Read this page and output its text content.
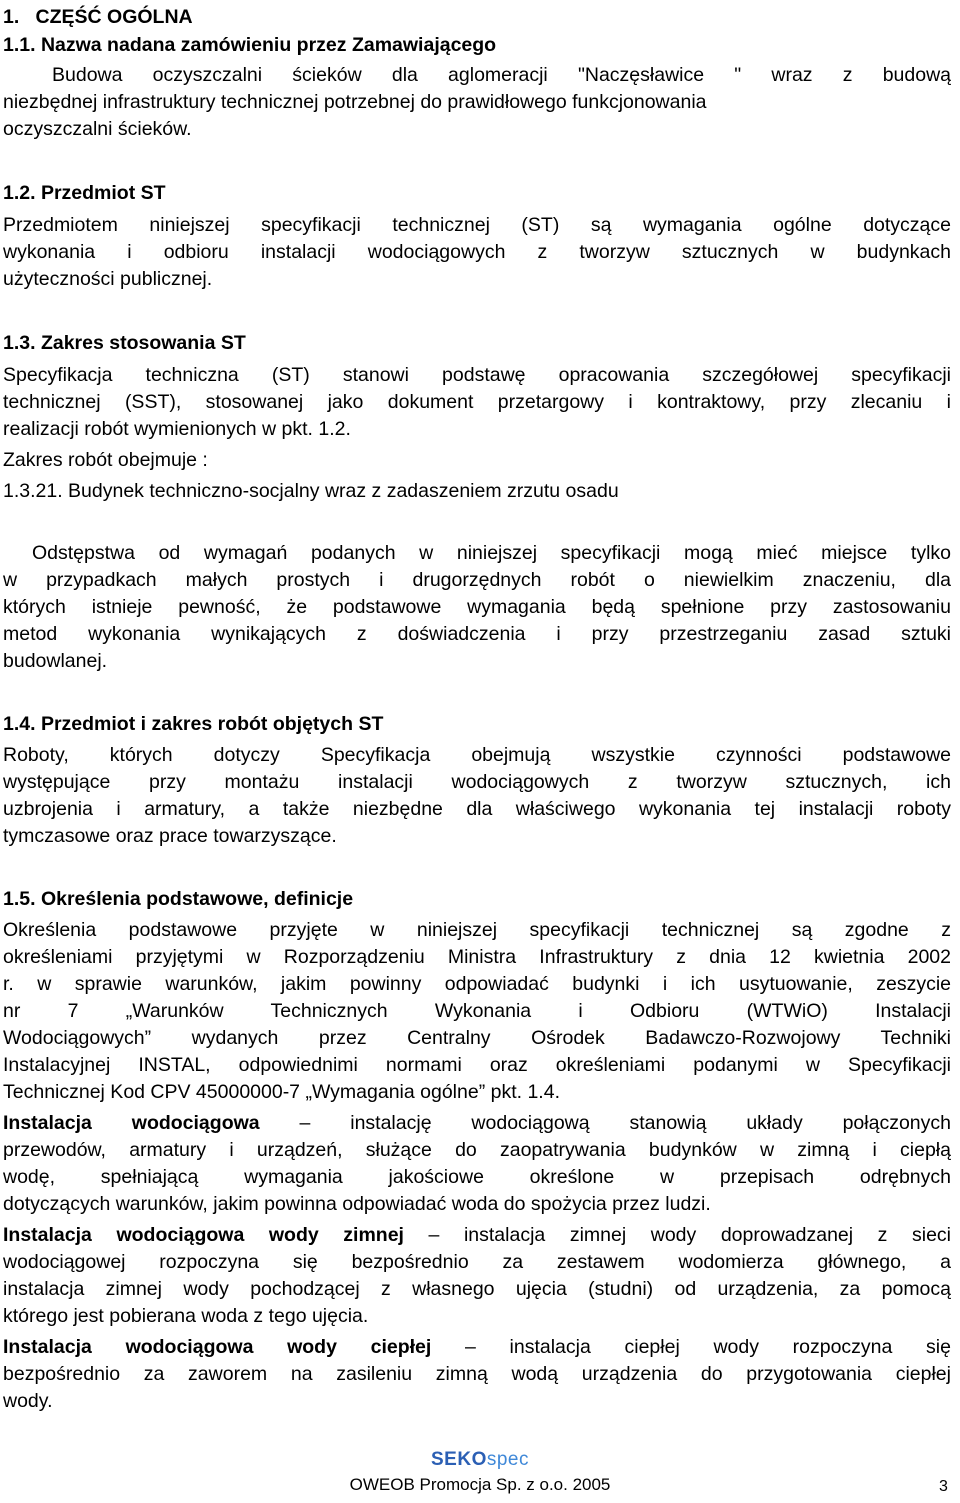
1. CZĘŚĆ OGÓLNA
1.1. Nazwa nadana zamówieniu przez Zamawiającego
Budowa oczyszczalni ścieków dla aglomeracji "Naczęsławice " wraz z budową
niezbędnej infrastruktury technicznej potrzebnej do prawidłowego funkcjonowania
oczyszczalni ścieków.
1.2. Przedmiot ST
Przedmiotem niniejszej specyfikacji technicznej (ST) są wymagania ogólne dotyczące
wykonania i odbioru instalacji wodociągowych z tworzyw sztucznych w budynkach
użyteczności publicznej.
1.3. Zakres stosowania ST
Specyfikacja techniczna (ST) stanowi podstawę opracowania szczegółowej specyfikacji
technicznej (SST), stosowanej jako dokument przetargowy i kontraktowy, przy zlecaniu i
realizacji robót wymienionych w pkt. 1.2.
Zakres robót obejmuje :
1.3.21. Budynek techniczno-socjalny wraz z zadaszeniem zrzutu osadu
Odstępstwa od wymagań podanych w niniejszej specyfikacji mogą mieć miejsce tylko
w przypadkach małych prostych i drugorzędnych robót o niewielkim znaczeniu, dla
których istnieje pewność, że podstawowe wymagania będą spełnione przy zastosowaniu
metod wykonania wynikających z doświadczenia i przy przestrzeganiu zasad sztuki
budowlanej.
1.4. Przedmiot i zakres robót objętych ST
Roboty, których dotyczy Specyfikacja obejmują wszystkie czynności podstawowe
występujące przy montażu instalacji wodociągowych z tworzyw sztucznych, ich
uzbrojenia i armatury, a także niezbędne dla właściwego wykonania tej instalacji roboty
tymczasowe oraz prace towarzyszące.
1.5. Określenia podstawowe, definicje
Określenia podstawowe przyjęte w niniejszej specyfikacji technicznej są zgodne z
określeniami przyjętymi w Rozporządzeniu Ministra Infrastruktury z dnia 12 kwietnia 2002
r. w sprawie warunków, jakim powinny odpowiadać budynki i ich usytuowanie, zeszycie
nr 7 „Warunków Technicznych Wykonania i Odbioru (WTWiO) Instalacji
Wodociągowych” wydanych przez Centralny Ośrodek Badawczo-Rozwojowy Techniki
Instalacyjnej INSTAL, odpowiednimi normami oraz określeniami podanymi w Specyfikacji
Technicznej Kod CPV 45000000-7 „Wymagania ogólne” pkt. 1.4.
Instalacja wodociągowa – instalację wodociągową stanowią układy połączonych
przewodów, armatury i urządzeń, służące do zaopatrywania budynków w zimną i ciepłą
wodę, spełniającą wymagania jakościowe określone w przepisach odrębnych
dotyczących warunków, jakim powinna odpowiadać woda do spożycia przez ludzi.
Instalacja wodociągowa wody zimnej – instalacja zimnej wody doprowadzanej z sieci
wodociągowej rozpoczyna się bezpośrednio za zestawem wodomierza głównego, a
instalacja zimnej wody pochodzącej z własnego ujęcia (studni) od urządzenia, za pomocą
którego jest pobierana woda z tego ujęcia.
Instalacja wodociągowa wody ciepłej – instalacja ciepłej wody rozpoczyna się
bezpośrednio za zaworem na zasileniu zimną wodą urządzenia do przygotowania ciepłej
wody.
SEKOspec
OWEOB Promocja Sp. z o.o. 2005	3
